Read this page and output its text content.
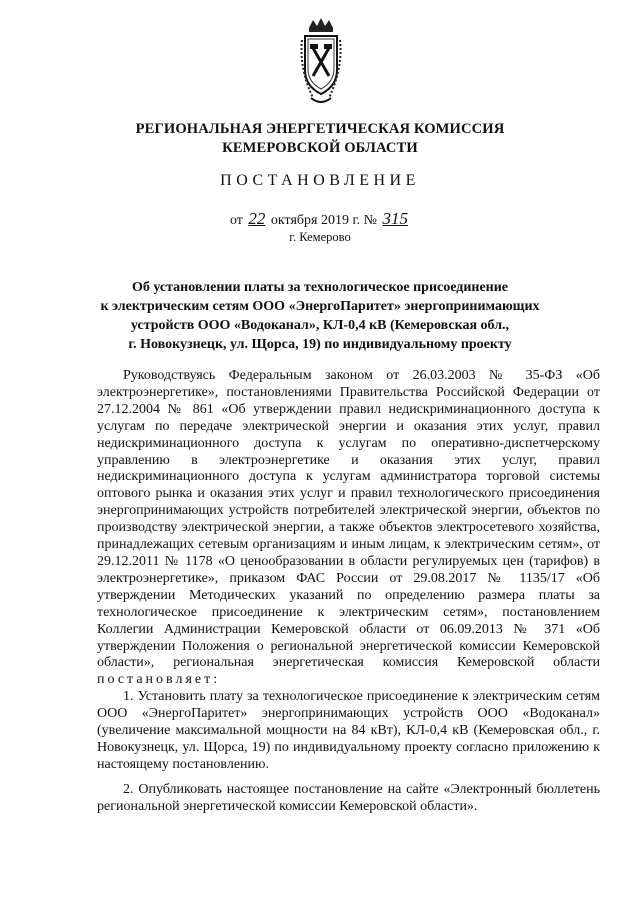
РЕГИОНАЛЬНАЯ ЭНЕРГЕТИЧЕСКАЯ КОМИССИЯ
КЕМЕРОВСКОЙ ОБЛАСТИ
ПОСТАНОВЛЕНИЕ
от 22 октября 2019 г. № 315
г. Кемерово
Об установлении платы за технологическое присоединение
к электрическим сетям ООО «ЭнергоПаритет» энергопринимающих
устройств ООО «Водоканал», КЛ-0,4 кВ (Кемеровская обл.,
г. Новокузнецк, ул. Щорса, 19) по индивидуальному проекту

Руководствуясь Федеральным законом от 26.03.2003 № 35-ФЗ «Об электроэнергетике», постановлениями Правительства Российской Федерации от 27.12.2004 № 861 «Об утверждении правил недискриминационного доступа к услугам по передаче электрической энергии и оказания этих услуг, правил недискриминационного доступа к услугам по оперативно-диспетчерскому управлению в электроэнергетике и оказания этих услуг, правил недискриминационного доступа к услугам администратора торговой системы оптового рынка и оказания этих услуг и правил технологического присоединения энергопринимающих устройств потребителей электрической энергии, объектов по производству электрической энергии, а также объектов электросетевого хозяйства, принадлежащих сетевым организациям и иным лицам, к электрическим сетям», от 29.12.2011 № 1178 «О ценообразовании в области регулируемых цен (тарифов) в электроэнергетике», приказом ФАС России от 29.08.2017 № 1135/17 «Об утверждении Методических указаний по определению размера платы за технологическое присоединение к электрическим сетям», постановлением Коллегии Администрации Кемеровской области от 06.09.2013 № 371 «Об утверждении Положения о региональной энергетической комиссии Кемеровской области», региональная энергетическая комиссия Кемеровской области постановляет:

1. Установить плату за технологическое присоединение к электрическим сетям ООО «ЭнергоПаритет» энергопринимающих устройств ООО «Водоканал» (увеличение максимальной мощности на 84 кВт), КЛ-0,4 кВ (Кемеровская обл., г. Новокузнецк, ул. Щорса, 19) по индивидуальному проекту согласно приложению к настоящему постановлению.

2. Опубликовать настоящее постановление на сайте «Электронный бюллетень региональной энергетической комиссии Кемеровской области».
